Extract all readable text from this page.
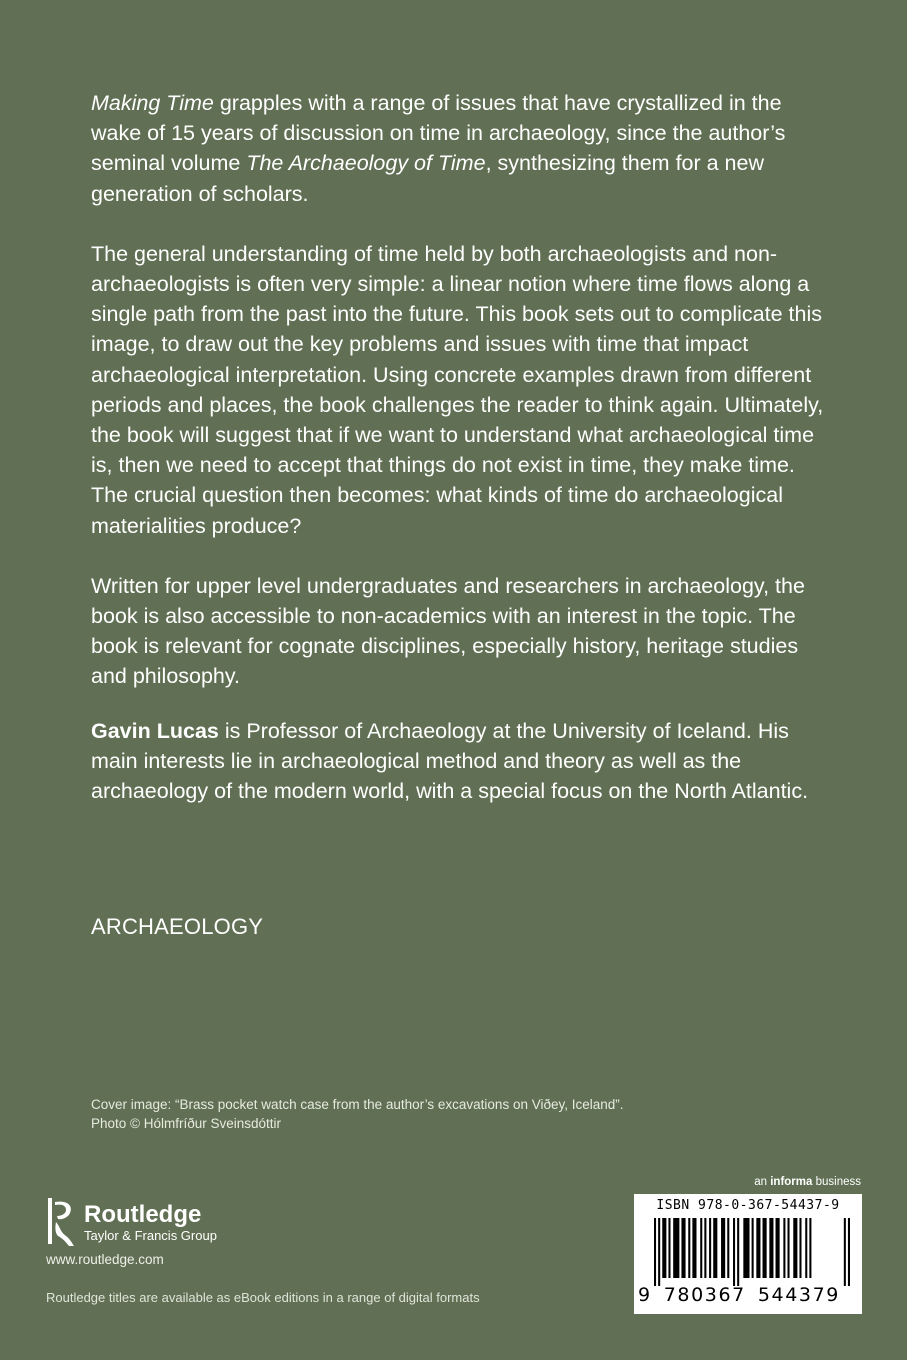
Making Time grapples with a range of issues that have crystallized in the wake of 15 years of discussion on time in archaeology, since the author’s seminal volume The Archaeology of Time, synthesizing them for a new generation of scholars.

The general understanding of time held by both archaeologists and non-archaeologists is often very simple: a linear notion where time flows along a single path from the past into the future. This book sets out to complicate this image, to draw out the key problems and issues with time that impact archaeological interpretation. Using concrete examples drawn from different periods and places, the book challenges the reader to think again. Ultimately, the book will suggest that if we want to understand what archaeological time is, then we need to accept that things do not exist in time, they make time. The crucial question then becomes: what kinds of time do archaeological materialities produce?

Written for upper level undergraduates and researchers in archaeology, the book is also accessible to non-academics with an interest in the topic. The book is relevant for cognate disciplines, especially history, heritage studies and philosophy.

Gavin Lucas is Professor of Archaeology at the University of Iceland. His main interests lie in archaeological method and theory as well as the archaeology of the modern world, with a special focus on the North Atlantic.

ARCHAEOLOGY
Cover image: “Brass pocket watch case from the author’s excavations on Viðey, Iceland”.
Photo © Hólmfríður Sveinsdóttir
an informa business
Routledge
Taylor & Francis Group
www.routledge.com
Routledge titles are available as eBook editions in a range of digital formats
ISBN 978-0-367-54437-9
9 780367 544379
